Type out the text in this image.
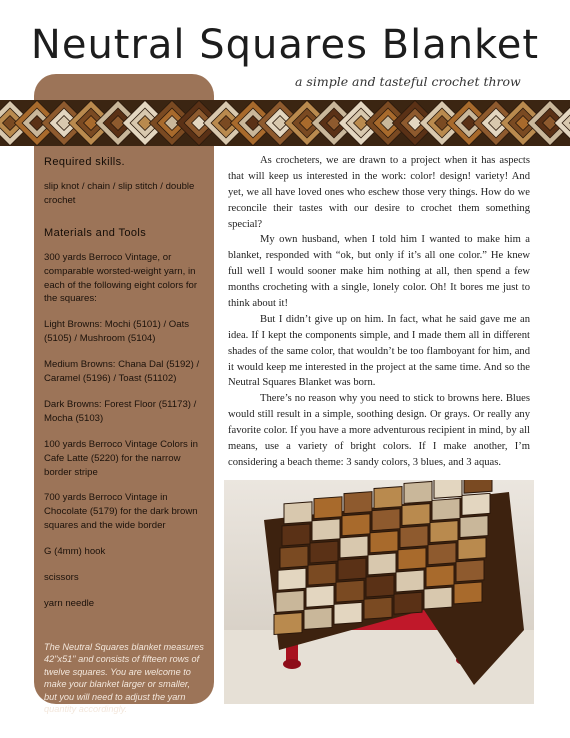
Neutral Squares Blanket
a simple and tasteful crochet throw
Required skills.

slip knot / chain / slip stitch / double crochet

Materials and Tools

300 yards Berroco Vintage, or comparable worsted-weight yarn, in each of the following eight colors for the squares:

Light Browns: Mochi (5101) / Oats (5105) / Mushroom (5104)

Medium Browns: Chana Dal (5192) / Caramel (5196) / Toast (51102)

Dark Browns: Forest Floor (51173) / Mocha (5103)

100 yards Berroco Vintage Colors in Cafe Latte (5220) for the narrow border stripe

700 yards Berroco Vintage in Chocolate (5179) for the dark brown squares and the wide border

G (4mm) hook

scissors

yarn needle

The Neutral Squares blanket measures 42"x51" and consists of fifteen rows of twelve squares. You are welcome to make your blanket larger or smaller, but you will need to adjust the yarn quantity accordingly.

As crocheters, we are drawn to a project when it has aspects that will keep us interested in the work: color! design! variety! And yet, we all have loved ones who eschew those very things. How do we reconcile their tastes with our desire to crochet them something special?

My own husband, when I told him I wanted to make him a blanket, responded with “ok, but only if it’s all one color.” He knew full well I would sooner make him nothing at all, then spend a few months crocheting with a single, lonely color. Oh! It bores me just to think about it!

But I didn’t give up on him. In fact, what he said gave me an idea. If I kept the components simple, and I made them all in different shades of the same color, that wouldn’t be too flamboyant for him, and it would keep me interested in the project at the same time. And so the Neutral Squares Blanket was born.

There’s no reason why you need to stick to browns here. Blues would still result in a simple, soothing design. Or grays. Or really any favorite color. If you have a more adventurous recipient in mind, by all means, use a variety of bright colors. If I make another, I’m considering a beach theme: 3 sandy colors, 3 blues, and 3 aquas.
